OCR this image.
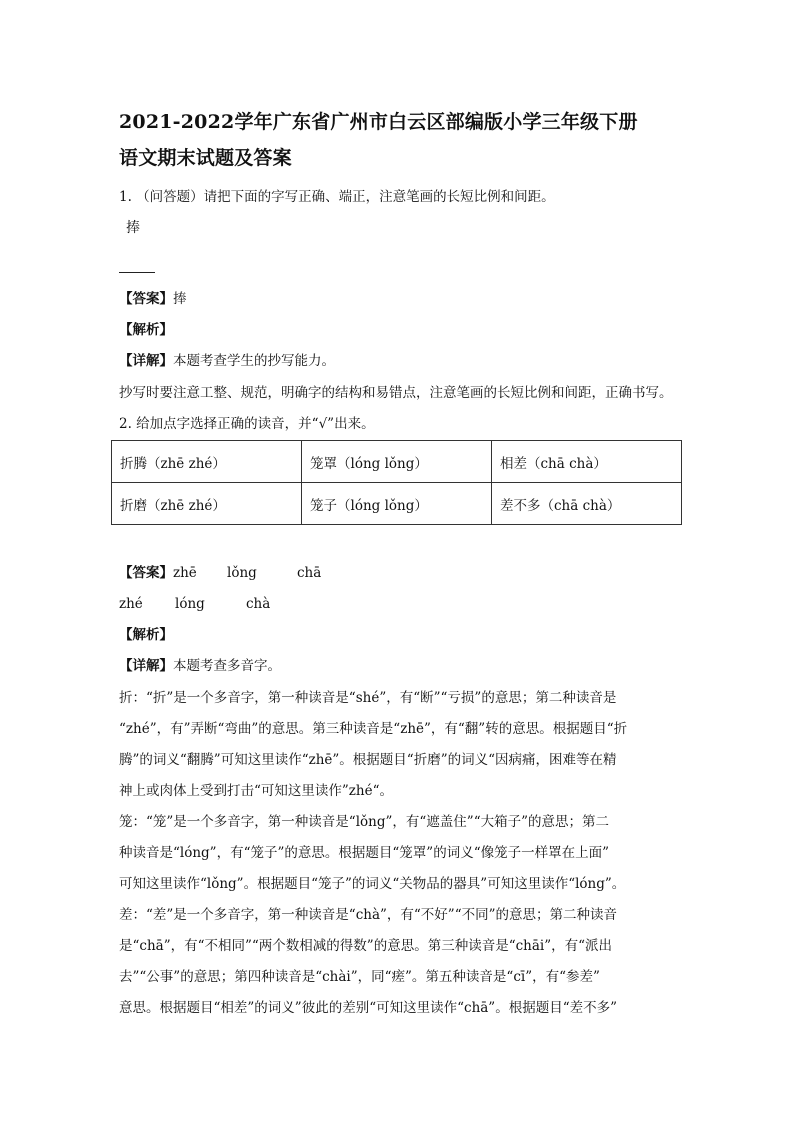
2021-2022学年广东省广州市白云区部编版小学三年级下册
语文期末试题及答案
1. （问答题）请把下面的字写正确、端正，注意笔画的长短比例和间距。
捧
【答案】捧
【解析】
【详解】本题考查学生的抄写能力。
抄写时要注意工整、规范，明确字的结构和易错点，注意笔画的长短比例和间距，正确书写。
2. 给加点字选择正确的读音，并“√”出来。
折腾（zhē zhé）	笼罩（lóng lǒng）	相差（chā chà）
折磨（zhē zhé）	笼子（lóng lǒng）	差不多（chā chà）
【答案】zhē lǒng	chā
zhé lóng	chà
【解析】
【详解】本题考查多音字。
折：“折”是一个多音字，第一种读音是“shé”，有“断”“亏损”的意思；第二种读音是
“zhé”，有”弄断“弯曲”的意思。第三种读音是“zhē”，有“翻”转的意思。根据题目“折
腾”的词义“翻腾”可知这里读作“zhē”。根据题目“折磨”的词义“因病痛，困难等在精
神上或肉体上受到打击“可知这里读作”zhé“。
笼：“笼”是一个多音字，第一种读音是“lǒng”，有“遮盖住”“大箱子”的意思；第二
种读音是“lóng”，有“笼子”的意思。根据题目“笼罩”的词义“像笼子一样罩在上面”
可知这里读作“lǒng”。根据题目“笼子”的词义“关物品的器具”可知这里读作“lóng”。
差：“差”是一个多音字，第一种读音是“chà”，有“不好”“不同”的意思；第二种读音
是“chā”，有“不相同”“两个数相减的得数”的意思。第三种读音是“chāi”，有“派出
去”“公事”的意思；第四种读音是“chài”，同“瘥”。第五种读音是“cī”，有“参差”
意思。根据题目“相差”的词义”彼此的差别“可知这里读作“chā”。根据题目“差不多”
